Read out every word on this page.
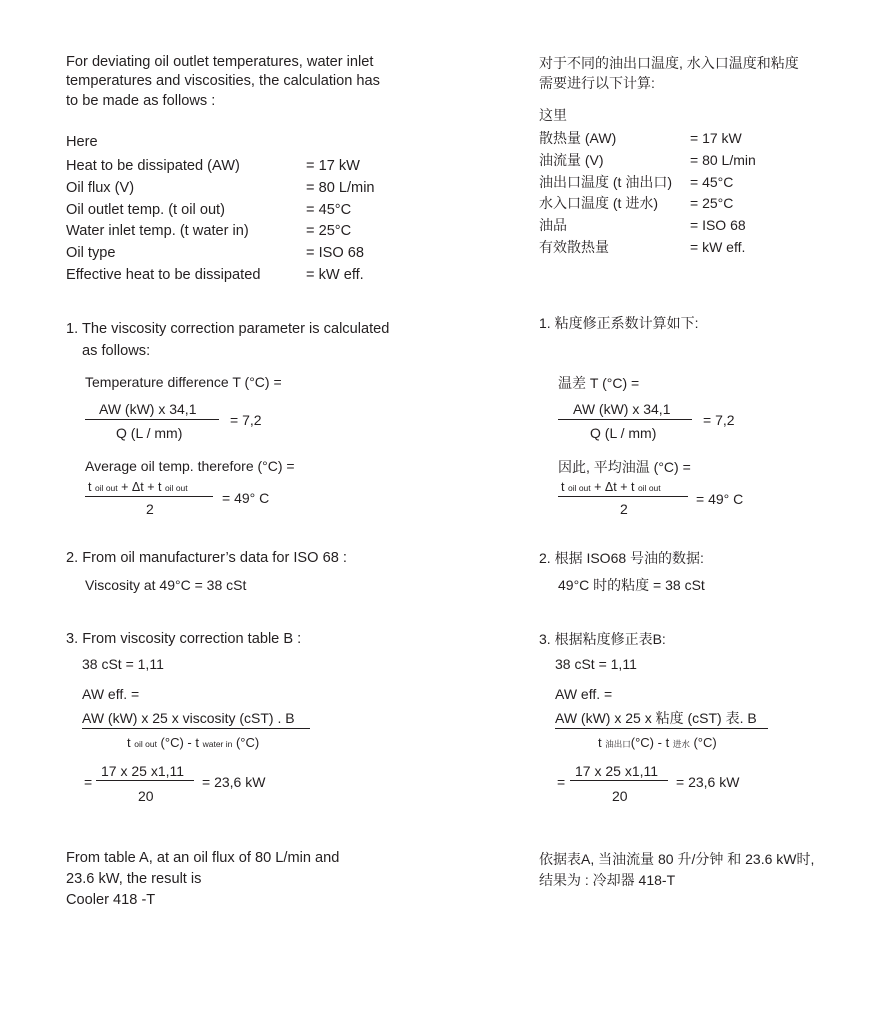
For deviating oil outlet temperatures, water inlet
temperatures and viscosities, the calculation has
to be made as follows :
Here
Heat to be dissipated (AW)	= 17 kW
Oil flux (V)	= 80 L/min
Oil outlet temp. (t oil out)	= 45°C
Water inlet temp. (t water in)	= 25°C
Oil type	= ISO 68
Effective heat to be dissipated	= kW eff.
1. The viscosity correction parameter is calculated
as follows:
Temperature difference T (°C) =
AW (kW) x 34,1
Q (L / mm)
= 7,2
Average oil temp. therefore (°C) =
t oil out + Δt + t oil out
2
= 49° C
2. From oil manufacturer’s data for ISO 68 :
Viscosity at 49°C = 38 cSt
3. From viscosity correction table B :
38 cSt = 1,11
AW eff. =
AW (kW) x 25 x viscosity (cST) . B
t oil out (°C) - t water in (°C)
=
17 x 25 x1,11
20
= 23,6 kW
From table A, at an oil flux of 80 L/min and
23.6 kW, the result is
Cooler 418 -T
对于不同的油出口温度, 水入口温度和粘度
需要进行以下计算:
这里
散热量 (AW)	= 17 kW
油流量 (V)	= 80 L/min
油出口温度 (t 油出口) = 45°C
水入口温度 (t 进水) = 25°C
油品	= ISO 68
有效散热量	= kW eff.
1. 粘度修正系数计算如下:
温差 T (°C) =
AW (kW) x 34,1
Q (L / mm)
= 7,2
因此, 平均油温 (°C) =
t oil out + Δt + t oil out
2
= 49° C
2. 根据 ISO68 号油的数据:
49°C 时的粘度 = 38 cSt
3. 根据粘度修正表B:
38 cSt = 1,11
AW eff. =
AW (kW) x 25 x 粘度 (cST) 表. B
t 油出口(°C) - t 进水 (°C)
=
17 x 25 x1,11
20
= 23,6 kW
依据表A, 当油流量 80 升/分钟 和 23.6 kW时,
结果为 : 冷却器 418-T
